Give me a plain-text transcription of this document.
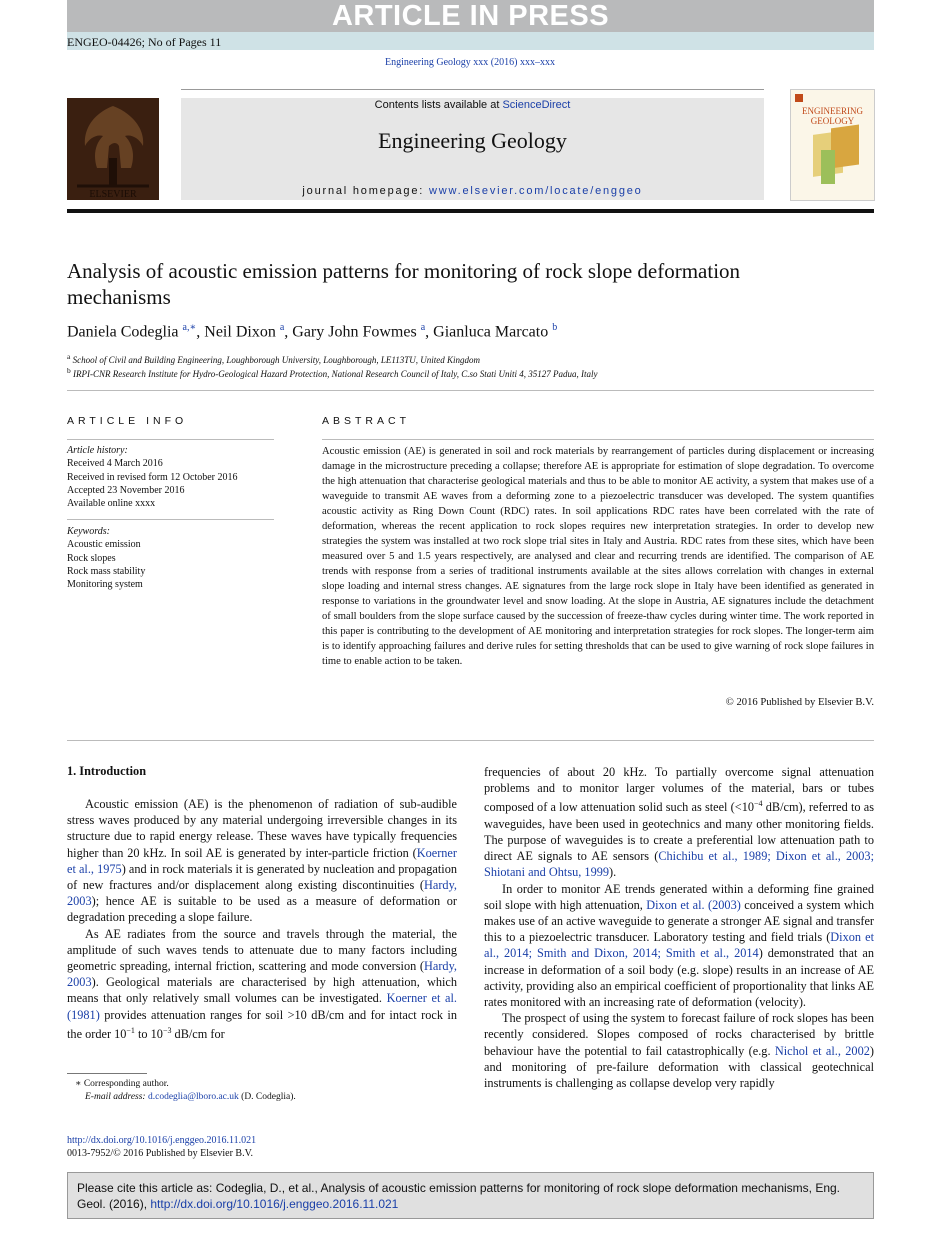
ARTICLE IN PRESS
ENGEO-04426; No of Pages 11
Engineering Geology xxx (2016) xxx–xxx
ELSEVIER
Contents lists available at ScienceDirect
Engineering Geology
journal homepage: www.elsevier.com/locate/enggeo
ENGINEERING GEOLOGY
Analysis of acoustic emission patterns for monitoring of rock slope deformation mechanisms
Daniela Codeglia $^{a,∗}$, Neil Dixon $^a$, Gary John Fowmes $^a$, Gianluca Marcato $^b$
$^a$ School of Civil and Building Engineering, Loughborough University, Loughborough, LE113TU, United Kingdom
$^b$ IRPI-CNR Research Institute for Hydro-Geological Hazard Protection, National Research Council of Italy, C.so Stati Uniti 4, 35127 Padua, Italy
ARTICLE INFO
Article history:
Received 4 March 2016
Received in revised form 12 October 2016
Accepted 23 November 2016
Available online xxxx
Keywords:
Acoustic emission
Rock slopes
Rock mass stability
Monitoring system
ABSTRACT
Acoustic emission (AE) is generated in soil and rock materials by rearrangement of particles during displacement or increasing damage in the microstructure preceding a collapse; therefore AE is appropriate for estimation of slope degradation. To overcome the high attenuation that characterise geological materials and thus to be able to monitor AE activity, a system that makes use of a waveguide to transmit AE waves from a deforming zone to a piezoelectric transducer was developed. The system quantifies acoustic activity as Ring Down Count (RDC) rates. In soil applications RDC rates have been correlated with the rate of deformation, whereas the recent application to rock slopes requires new interpretation strategies. In order to develop new strategies the system was installed at two rock slope trial sites in Italy and Austria. RDC rates from these sites, which have been measured over 5 and 1.5 years respectively, are analysed and clear and recurring trends are identified. The comparison of AE trends with response from a series of traditional instruments available at the sites allows correlation with changes in external slope loading and internal stress changes. AE signatures from the large rock slope in Italy have been identified as generated in response to variations in the groundwater level and snow loading. At the slope in Austria, AE signatures include the detachment of small boulders from the slope surface caused by the succession of freeze-thaw cycles during winter time. The work reported in this paper is contributing to the development of AE monitoring and interpretation strategies for rock slopes. The longer-term aim is to identify approaching failures and derive rules for setting thresholds that can be used to give warning of rock slope failures in time to enable action to be taken.
© 2016 Published by Elsevier B.V.
1. Introduction

Acoustic emission (AE) is the phenomenon of radiation of sub-audible stress waves produced by any material undergoing irreversible changes in its structure due to rapid energy release. These waves have typically frequencies higher than 20 kHz. In soil AE is generated by inter-particle friction (Koerner et al., 1975) and in rock materials it is generated by nucleation and propagation of new fractures and/or displacement along existing discontinuities (Hardy, 2003); hence AE is suitable to be used as a measure of deformation or degradation preceding a slope failure.

As AE radiates from the source and travels through the material, the amplitude of such waves tends to attenuate due to many factors including geometric spreading, internal friction, scattering and mode conversion (Hardy, 2003). Geological materials are characterised by high attenuation, which means that only relatively small volumes can be investigated. Koerner et al. (1981) provides attenuation ranges for soil >10 dB/cm and for intact rock in the order $10^{-1}$ to $10^{-3}$ dB/cm for

frequencies of about 20 kHz. To partially overcome signal attenuation problems and to monitor larger volumes of the material, bars or tubes composed of a low attenuation solid such as steel ($<10^{-4}$ dB/cm), referred to as waveguides, have been used in geotechnics and many other monitoring fields. The purpose of waveguides is to create a preferential low attenuation path to direct AE signals to AE sensors (Chichibu et al., 1989; Dixon et al., 2003; Shiotani and Ohtsu, 1999).

In order to monitor AE trends generated within a deforming fine grained soil slope with high attenuation, Dixon et al. (2003) conceived a system which makes use of an active waveguide to generate a stronger AE signal and transfer this to a piezoelectric transducer. Laboratory testing and field trials (Dixon et al., 2014; Smith and Dixon, 2014; Smith et al., 2014) demonstrated that an increase in deformation of a soil body (e.g. slope) results in an increase of AE activity, providing also an empirical coefficient of proportionality that links AE rates monitored with an increasing rate of deformation (velocity).

The prospect of using the system to forecast failure of rock slopes has been recently considered. Slopes composed of rocks characterised by brittle behaviour have the potential to fail catastrophically (e.g. Nichol et al., 2002) and monitoring of pre-failure deformation with classical geotechnical instruments is challenging as collapse develop very rapidly

∗ Corresponding author.
E-mail address: d.codeglia@lboro.ac.uk (D. Codeglia).
http://dx.doi.org/10.1016/j.enggeo.2016.11.021
0013-7952/© 2016 Published by Elsevier B.V.
Please cite this article as: Codeglia, D., et al., Analysis of acoustic emission patterns for monitoring of rock slope deformation mechanisms, Eng. Geol. (2016), http://dx.doi.org/10.1016/j.enggeo.2016.11.021
